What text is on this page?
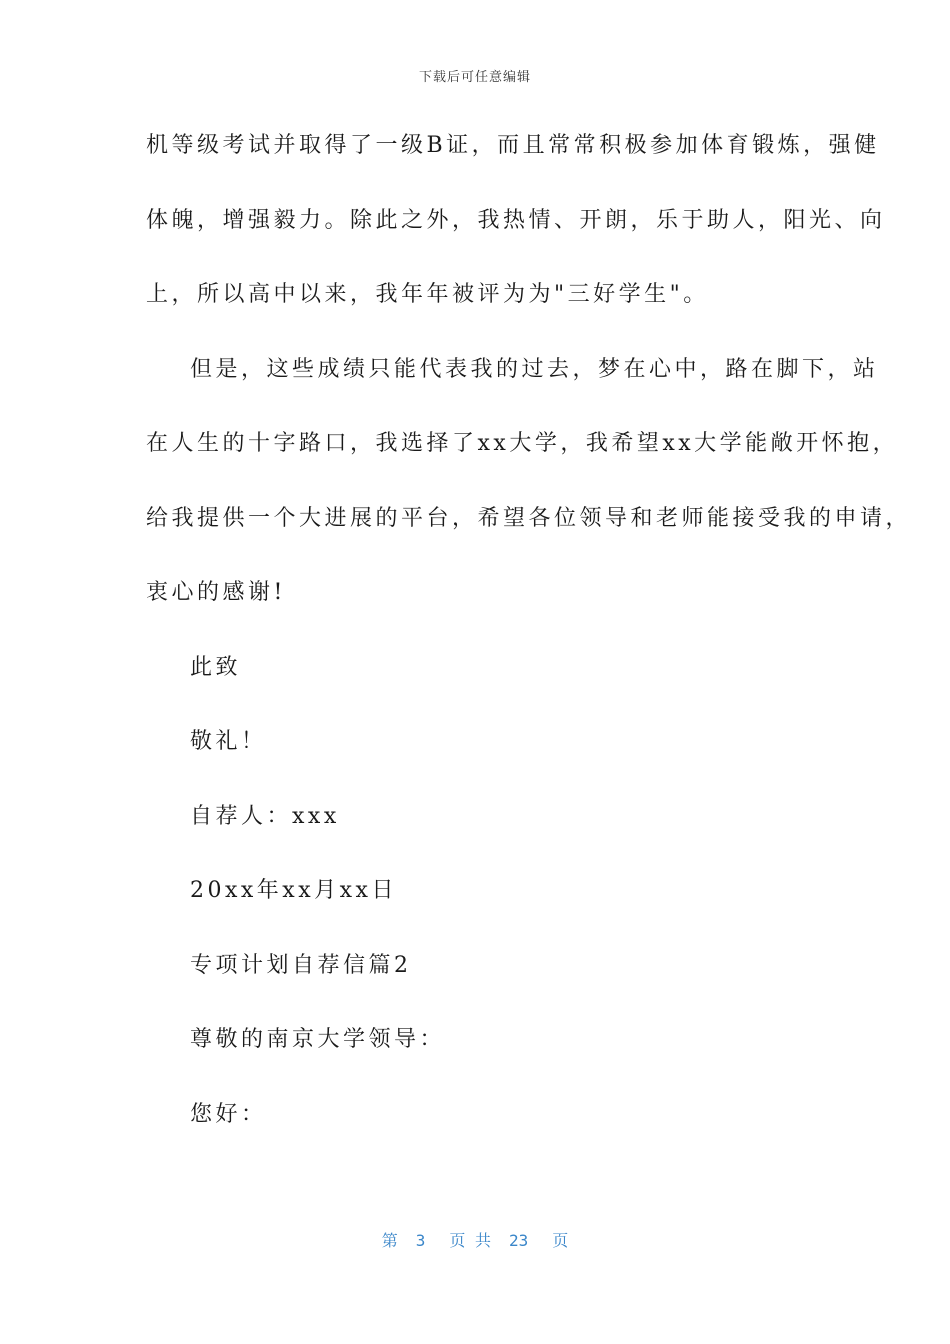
下载后可任意编辑
机等级考试并取得了一级B证，而且常常积极参加体育锻炼，强健
体魄，增强毅力。除此之外，我热情、开朗，乐于助人，阳光、向
上，所以高中以来，我年年被评为为"三好学生"。
但是，这些成绩只能代表我的过去，梦在心中，路在脚下，站
在人生的十字路口，我选择了xx大学，我希望xx大学能敞开怀抱，
给我提供一个大进展的平台，希望各位领导和老师能接受我的申请，
衷心的感谢!
此致
敬礼！
自荐人：xxx
20xx年xx月xx日
专项计划自荐信篇2
尊敬的南京大学领导：
您好：
第 3 页 共 23 页
